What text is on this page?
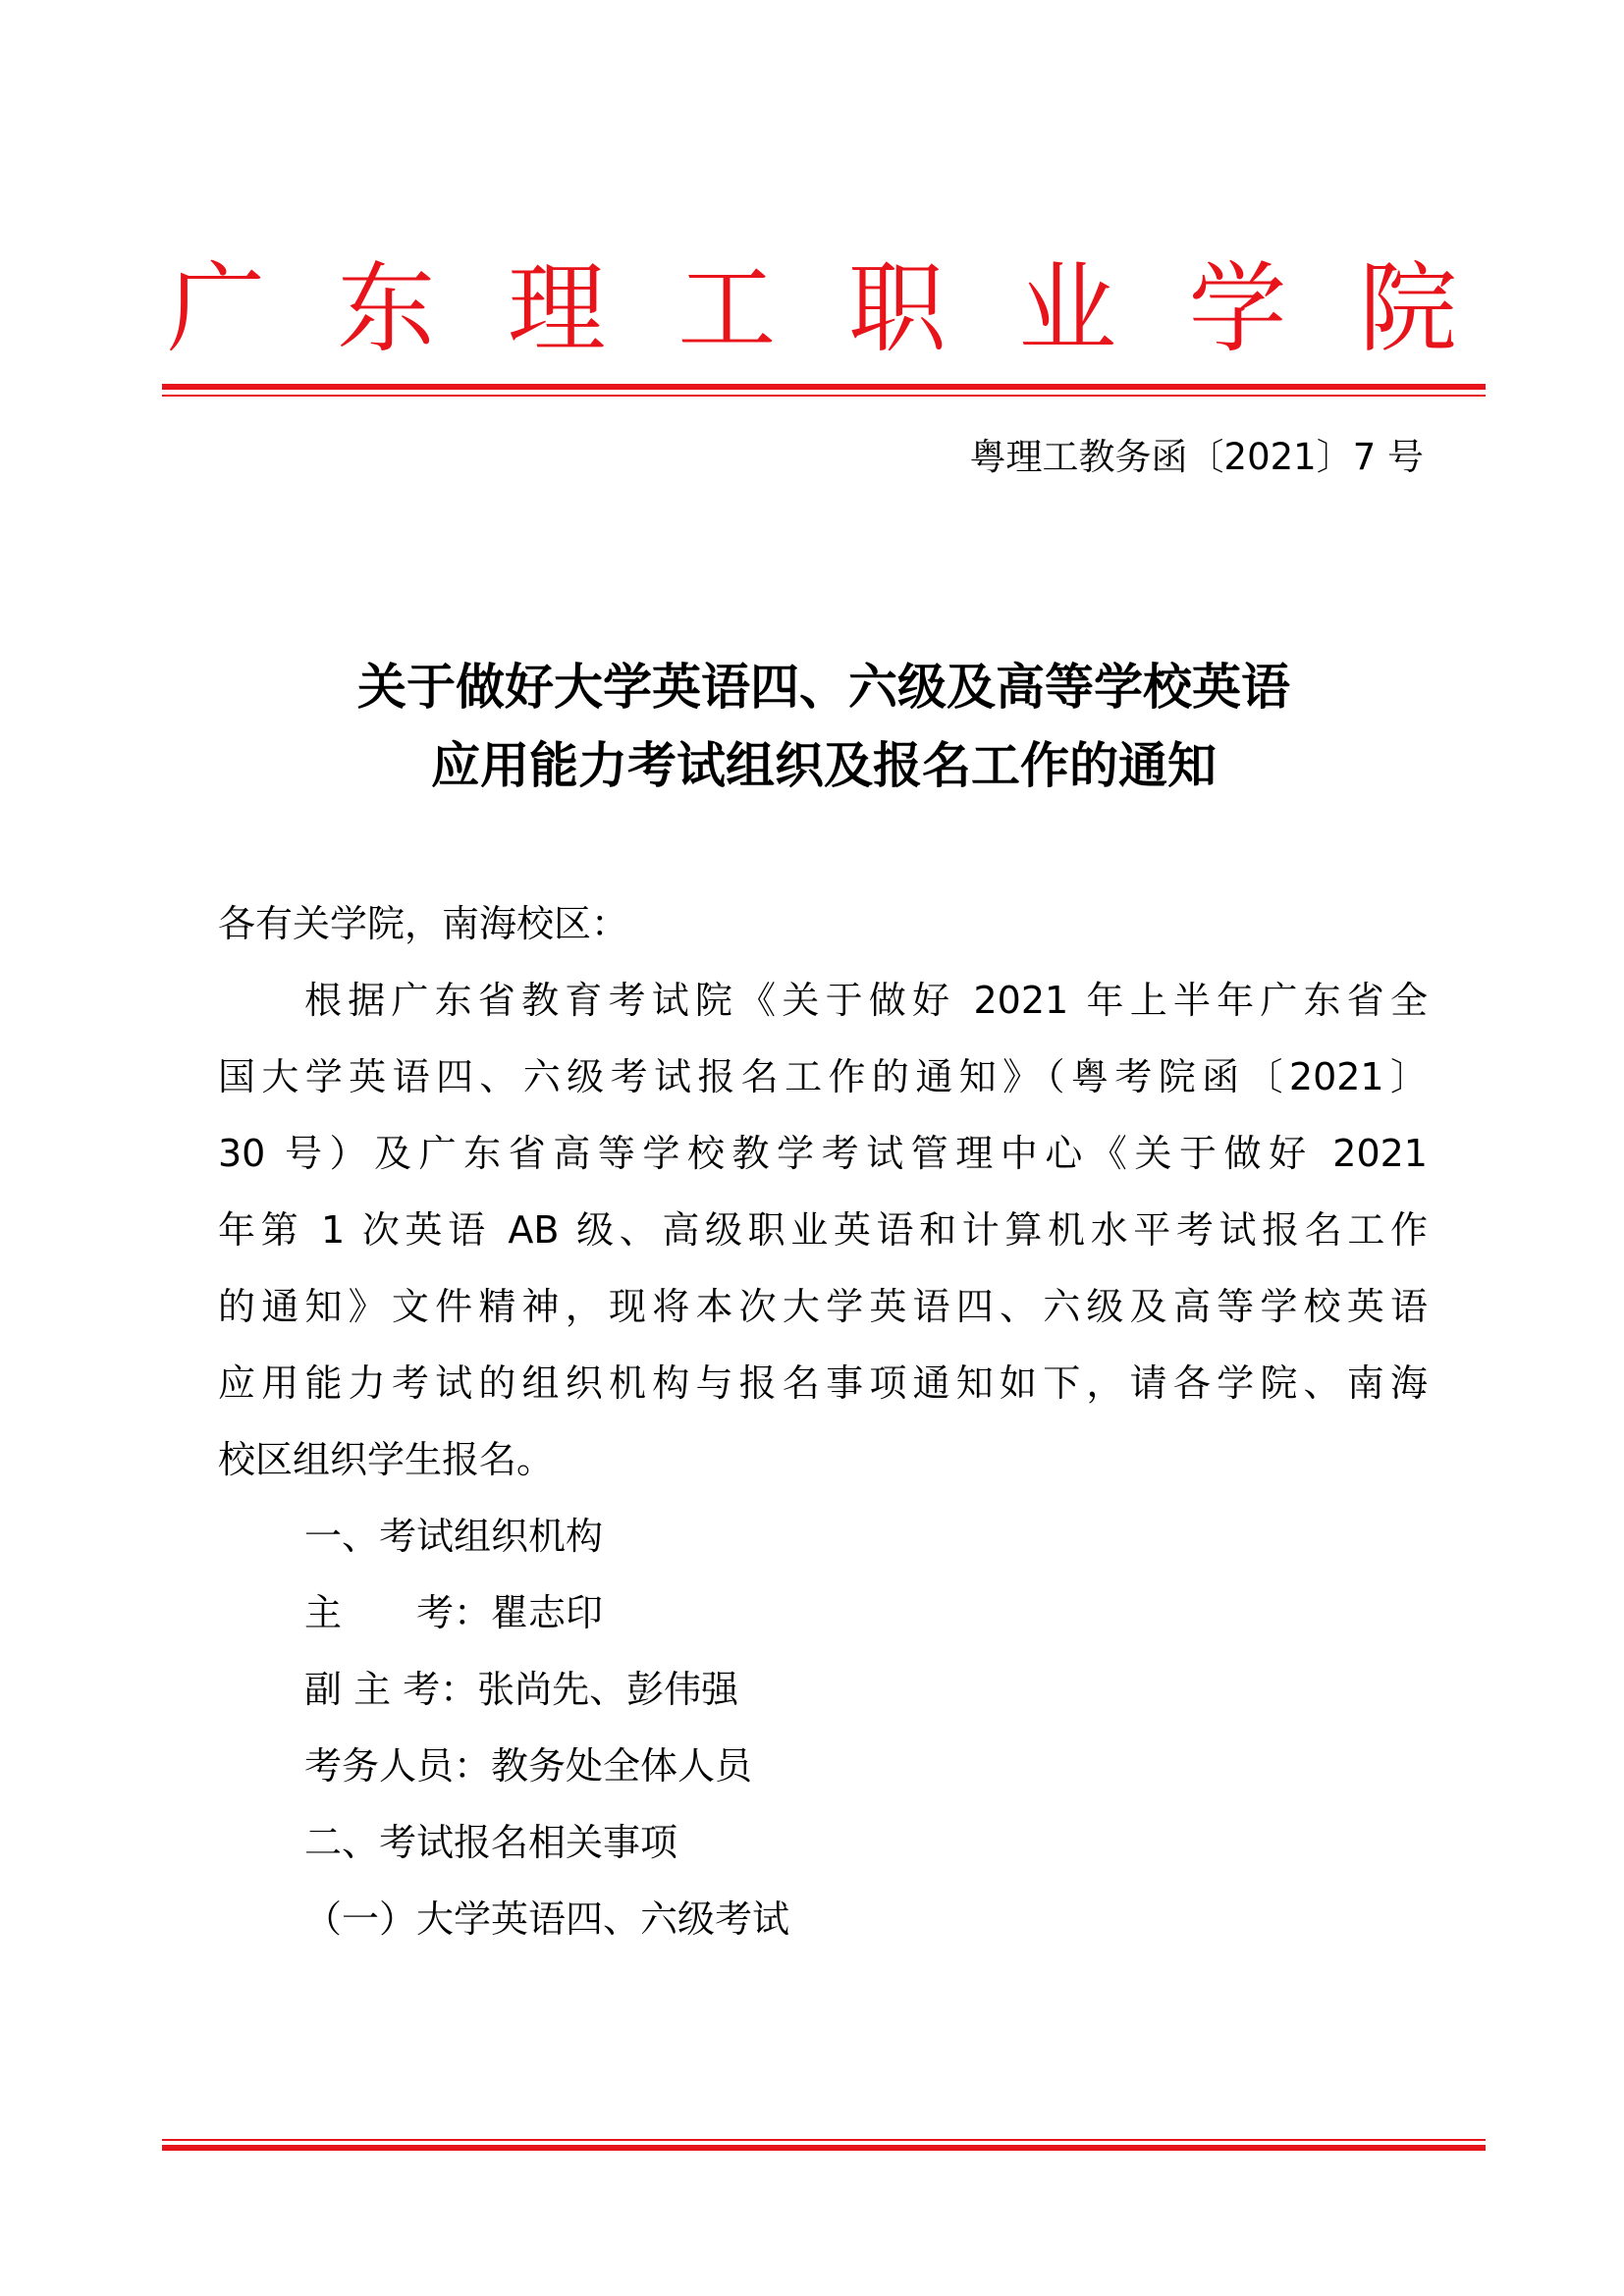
广 东 理 工 职 业 学 院
粤理工教务函〔2021〕7 号
关于做好大学英语四、六级及高等学校英语
应用能力考试组织及报名工作的通知
各有关学院，南海校区：
根据广东省教育考试院《关于做好 2021 年上半年广东省全
国大学英语四、六级考试报名工作的通知》（粤考院函〔2021〕
30 号）及广东省高等学校教学考试管理中心《关于做好 2021
年第 1 次英语 AB 级、高级职业英语和计算机水平考试报名工作
的通知》文件精神，现将本次大学英语四、六级及高等学校英语
应用能力考试的组织机构与报名事项通知如下，请各学院、南海
校区组织学生报名。
一、考试组织机构
主　　考：瞿志印
副 主 考：张尚先、彭伟强
考务人员：教务处全体人员
二、考试报名相关事项
（一）大学英语四、六级考试
